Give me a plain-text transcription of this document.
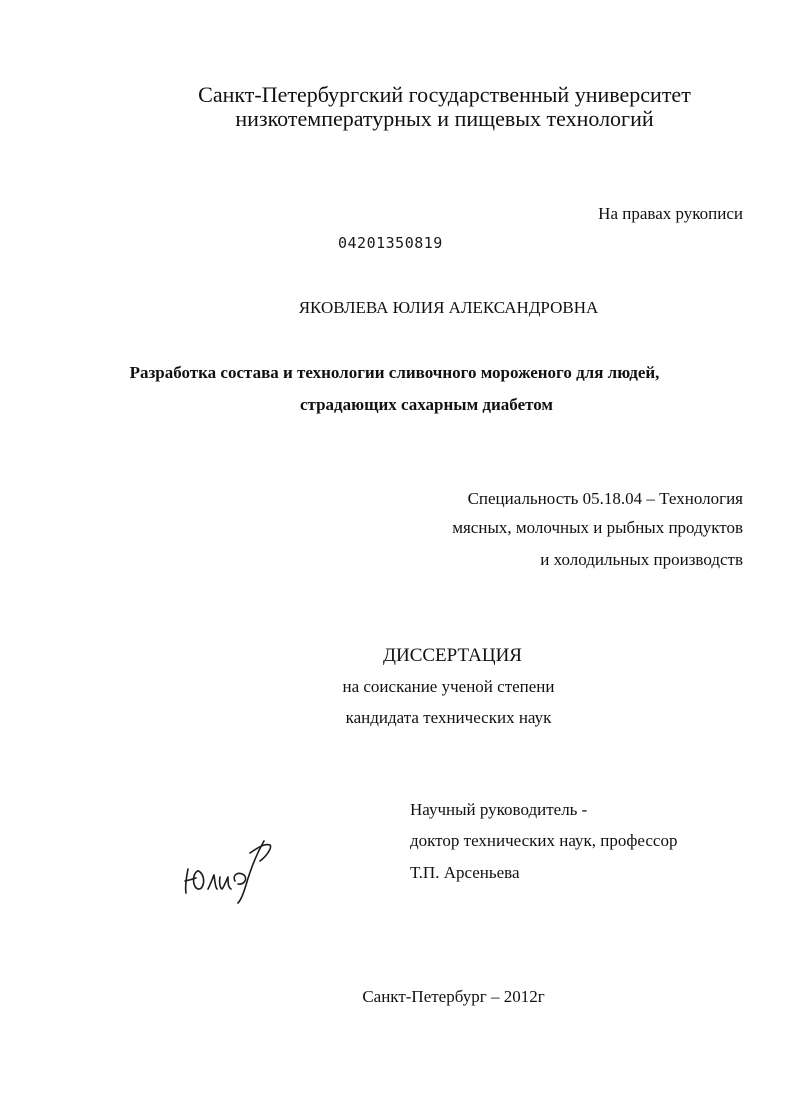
Санкт-Петербургский государственный университет
низкотемпературных и пищевых технологий
На правах рукописи
04201350819
ЯКОВЛЕВА ЮЛИЯ АЛЕКСАНДРОВНА
Разработка состава и технологии сливочного мороженого для людей,
страдающих сахарным диабетом
Специальность 05.18.04 – Технология
мясных, молочных и рыбных продуктов
и холодильных производств
ДИССЕРТАЦИЯ
на соискание ученой степени
кандидата технических наук
Научный руководитель -
доктор технических наук, профессор
Т.П. Арсеньева
Санкт-Петербург – 2012г
